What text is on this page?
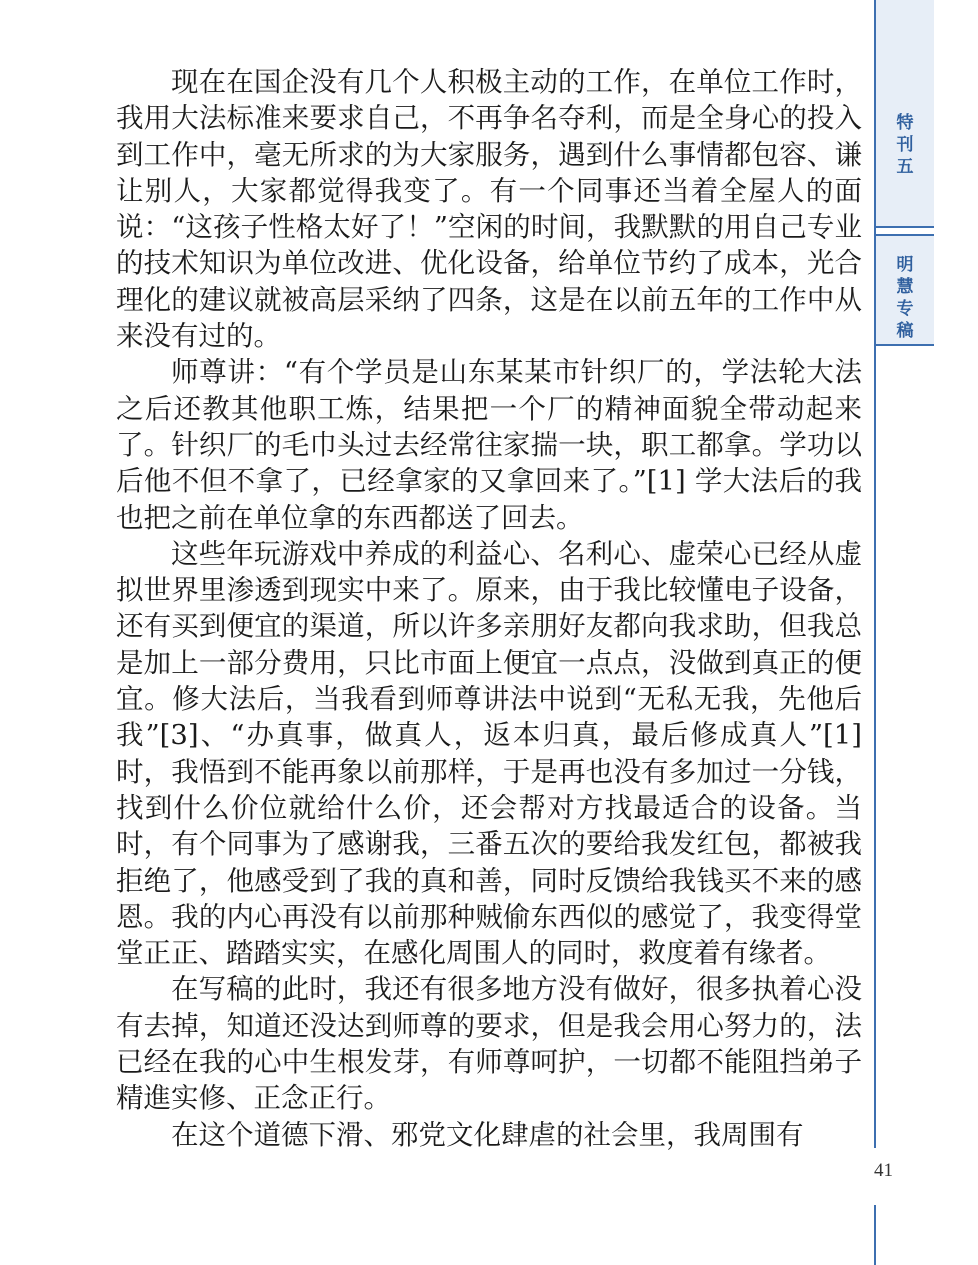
现在在国企没有几个人积极主动的工作，在单位工作时，我用大法标准来要求自己，不再争名夺利，而是全身心的投入到工作中，毫无所求的为大家服务，遇到什么事情都包容、谦让别人，大家都觉得我变了。有一个同事还当着全屋人的面说：“这孩子性格太好了！”空闲的时间，我默默的用自己专业的技术知识为单位改进、优化设备，给单位节约了成本，光合理化的建议就被高层采纳了四条，这是在以前五年的工作中从来没有过的。

师尊讲：“有个学员是山东某某市针织厂的，学法轮大法之后还教其他职工炼，结果把一个厂的精神面貌全带动起来了。针织厂的毛巾头过去经常往家揣一块，职工都拿。学功以后他不但不拿了，已经拿家的又拿回来了。”[1] 学大法后的我也把之前在单位拿的东西都送了回去。

这些年玩游戏中养成的利益心、名利心、虚荣心已经从虚拟世界里渗透到现实中来了。原来，由于我比较懂电子设备，还有买到便宜的渠道，所以许多亲朋好友都向我求助，但我总是加上一部分费用，只比市面上便宜一点点，没做到真正的便宜。修大法后，当我看到师尊讲法中说到“无私无我，先他后我”[3]、“办真事，做真人，返本归真，最后修成真人”[1] 时，我悟到不能再象以前那样，于是再也没有多加过一分钱，找到什么价位就给什么价，还会帮对方找最适合的设备。当时，有个同事为了感谢我，三番五次的要给我发红包，都被我拒绝了，他感受到了我的真和善，同时反馈给我钱买不来的感恩。我的内心再没有以前那种贼偷东西似的感觉了，我变得堂堂正正、踏踏实实，在感化周围人的同时，救度着有缘者。

在写稿的此时，我还有很多地方没有做好，很多执着心没有去掉，知道还没达到师尊的要求，但是我会用心努力的，法已经在我的心中生根发芽，有师尊呵护，一切都不能阻挡弟子精進实修、正念正行。

在这个道德下滑、邪党文化肆虐的社会里，我周围有

特刊五
明慧专稿
41
